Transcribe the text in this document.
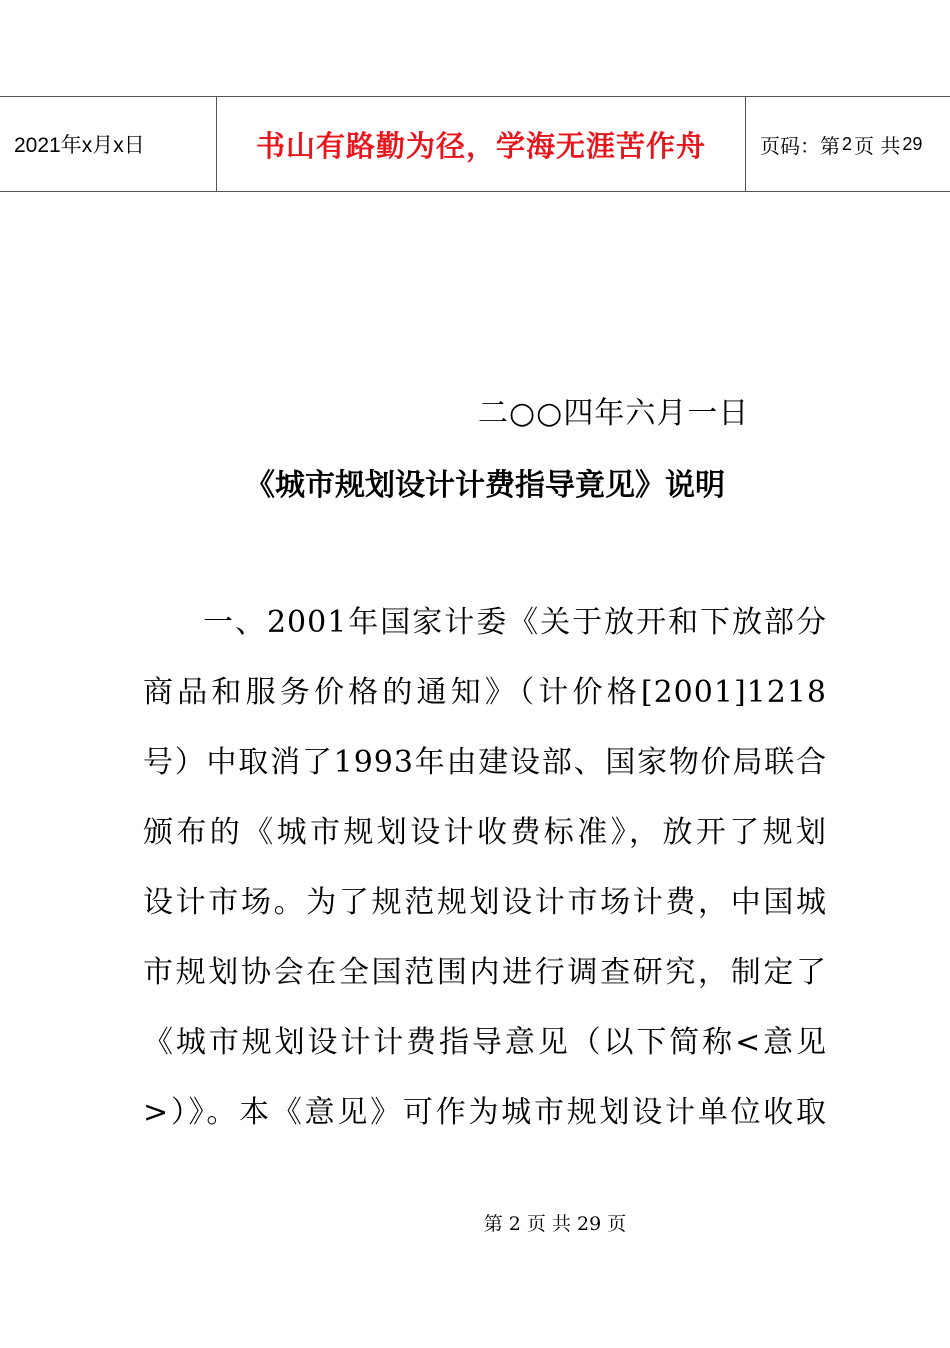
2021年x月x日	书山有路勤为径，学海无涯苦作舟	页码：第 2 页 共 29
二○○四年六月一日
《城市规划设计计费指导竟见》说明
一、2001年国家计委《关于放开和下放部分
商品和服务价格的通知》（计价格[2001]1218
号）中取消了1993年由建设部、国家物价局联合
颁布的《城市规划设计收费标准》，放开了规划
设计市场。为了规范规划设计市场计费，中国城
市规划协会在全国范围内进行调查研究，制定了
《城市规划设计计费指导意见（以下简称<意见
>）》。本《意见》可作为城市规划设计单位收取
第 2 页 共 29 页
